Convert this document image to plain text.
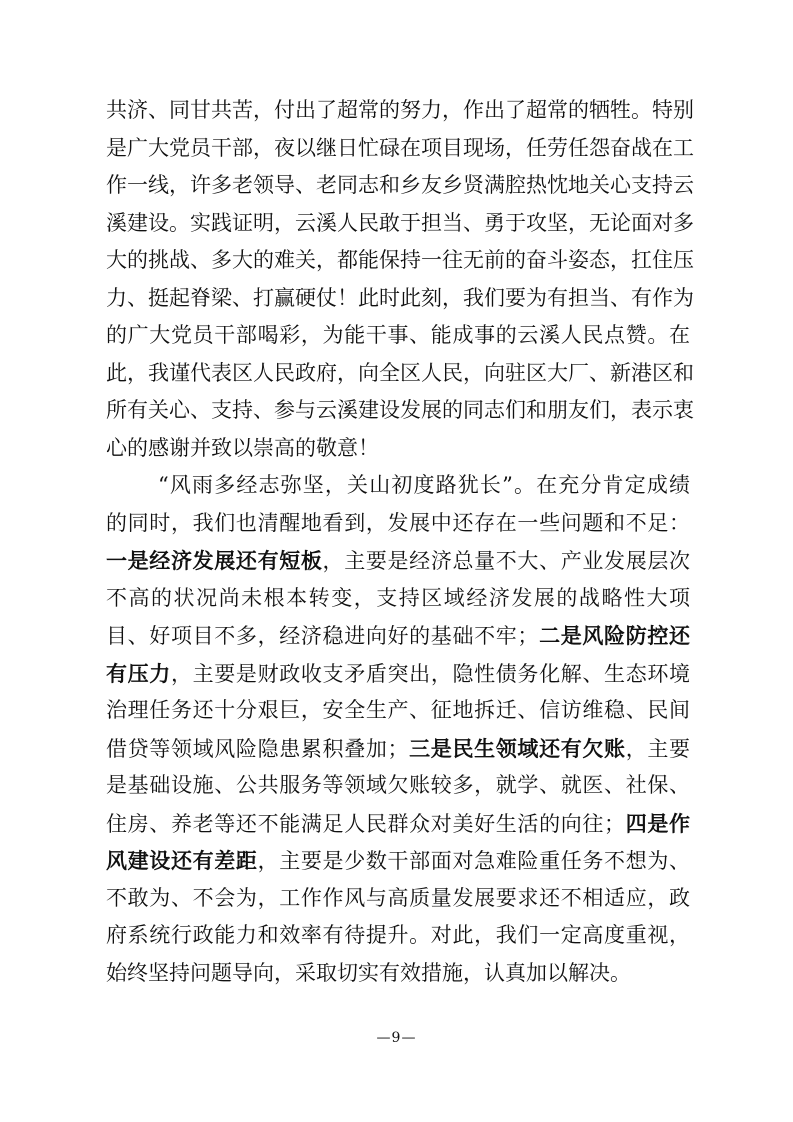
共济、同甘共苦，付出了超常的努力，作出了超常的牺牲。特别
是广大党员干部，夜以继日忙碌在项目现场，任劳任怨奋战在工
作一线，许多老领导、老同志和乡友乡贤满腔热忱地关心支持云
溪建设。实践证明，云溪人民敢于担当、勇于攻坚，无论面对多
大的挑战、多大的难关，都能保持一往无前的奋斗姿态，扛住压
力、挺起脊梁、打赢硬仗！此时此刻，我们要为有担当、有作为
的广大党员干部喝彩，为能干事、能成事的云溪人民点赞。在
此，我谨代表区人民政府，向全区人民，向驻区大厂、新港区和
所有关心、支持、参与云溪建设发展的同志们和朋友们，表示衷
心的感谢并致以崇高的敬意！
“风雨多经志弥坚，关山初度路犹长”。在充分肯定成绩
的同时，我们也清醒地看到，发展中还存在一些问题和不足：
一是经济发展还有短板，主要是经济总量不大、产业发展层次
不高的状况尚未根本转变，支持区域经济发展的战略性大项
目、好项目不多，经济稳进向好的基础不牢；二是风险防控还
有压力，主要是财政收支矛盾突出，隐性债务化解、生态环境
治理任务还十分艰巨，安全生产、征地拆迁、信访维稳、民间
借贷等领域风险隐患累积叠加；三是民生领域还有欠账，主要
是基础设施、公共服务等领域欠账较多，就学、就医、社保、
住房、养老等还不能满足人民群众对美好生活的向往；四是作
风建设还有差距，主要是少数干部面对急难险重任务不想为、
不敢为、不会为，工作作风与高质量发展要求还不相适应，政
府系统行政能力和效率有待提升。对此，我们一定高度重视，
始终坚持问题导向，采取切实有效措施，认真加以解决。
—9—
